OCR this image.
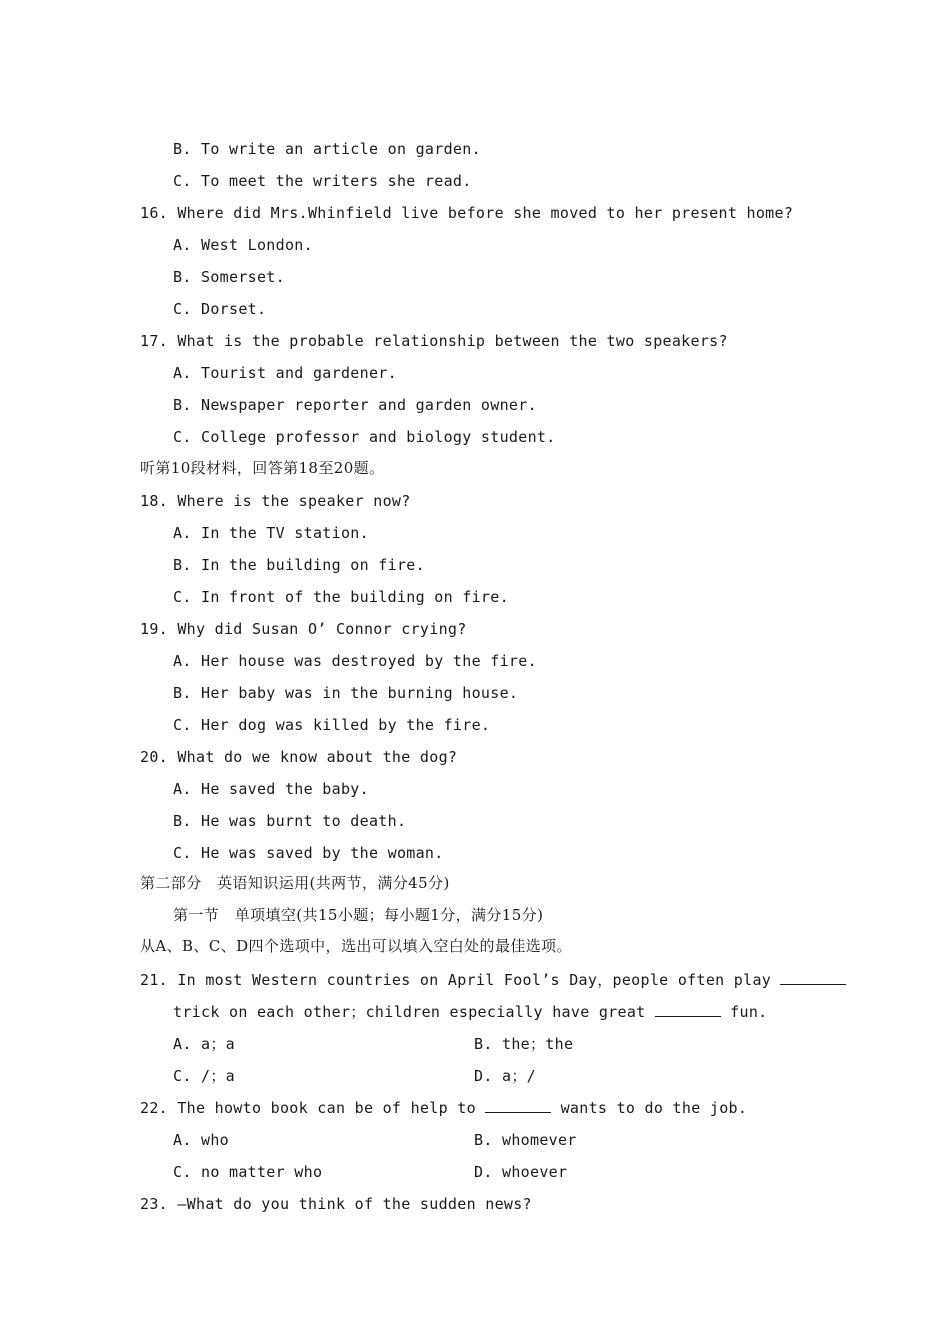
B. To write an article on garden.
C. To meet the writers she read.
16. Where did Mrs.Whinfield live before she moved to her present home?
A. West London.
B. Somerset.
C. Dorset.
17. What is the probable relationship between the two speakers?
A. Tourist and gardener.
B. Newspaper reporter and garden owner.
C. College professor and biology student.
听第10段材料，回答第18至20题。
18. Where is the speaker now?
A. In the TV station.
B. In the building on fire.
C. In front of the building on fire.
19. Why did Susan O’ Connor crying?
A. Her house was destroyed by the fire.
B. Her baby was in the burning house.
C. Her dog was killed by the fire.
20. What do we know about the dog?
A. He saved the baby.
B. He was burnt to death.
C. He was saved by the woman.
第二部分   英语知识运用(共两节，满分45分)
第一节   单项填空(共15小题；每小题1分，满分15分)
从A、B、C、D四个选项中，选出可以填入空白处的最佳选项。
21. In most Western countries on April Fool’s Day，people often play
trick on each other；children especially have great	fun.
A. a；a	B. the；the
C. /；a	D. a；/
22. The howto book can be of help to	wants to do the job.
A. who	B. whomever
C. no matter who	D. whoever
23. —What do you think of the sudden news?
